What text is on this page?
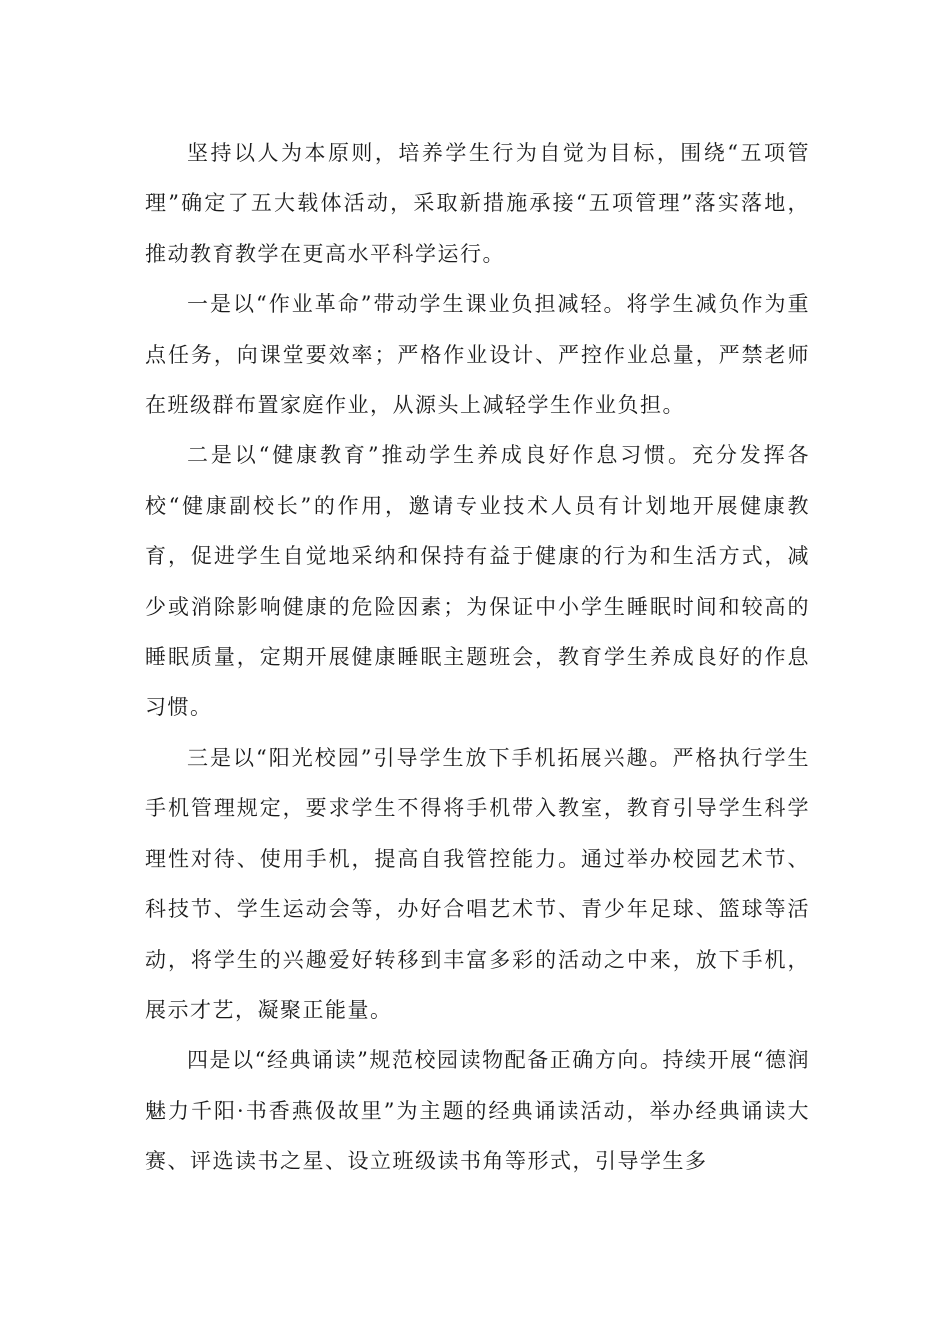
坚持以人为本原则，培养学生行为自觉为目标，围绕“五项管理”确定了五大载体活动，采取新措施承接“五项管理”落实落地，推动教育教学在更高水平科学运行。

一是以“作业革命”带动学生课业负担减轻。将学生减负作为重点任务，向课堂要效率；严格作业设计、严控作业总量，严禁老师在班级群布置家庭作业，从源头上减轻学生作业负担。

二是以“健康教育”推动学生养成良好作息习惯。充分发挥各校“健康副校长”的作用，邀请专业技术人员有计划地开展健康教育，促进学生自觉地采纳和保持有益于健康的行为和生活方式，减少或消除影响健康的危险因素；为保证中小学生睡眠时间和较高的睡眠质量，定期开展健康睡眠主题班会，教育学生养成良好的作息习惯。

三是以“阳光校园”引导学生放下手机拓展兴趣。严格执行学生手机管理规定，要求学生不得将手机带入教室，教育引导学生科学理性对待、使用手机，提高自我管控能力。通过举办校园艺术节、科技节、学生运动会等，办好合唱艺术节、青少年足球、篮球等活动，将学生的兴趣爱好转移到丰富多彩的活动之中来，放下手机，展示才艺，凝聚正能量。

四是以“经典诵读”规范校园读物配备正确方向。持续开展“德润魅力千阳·书香燕伋故里”为主题的经典诵读活动，举办经典诵读大赛、评选读书之星、设立班级读书角等形式，引导学生多
